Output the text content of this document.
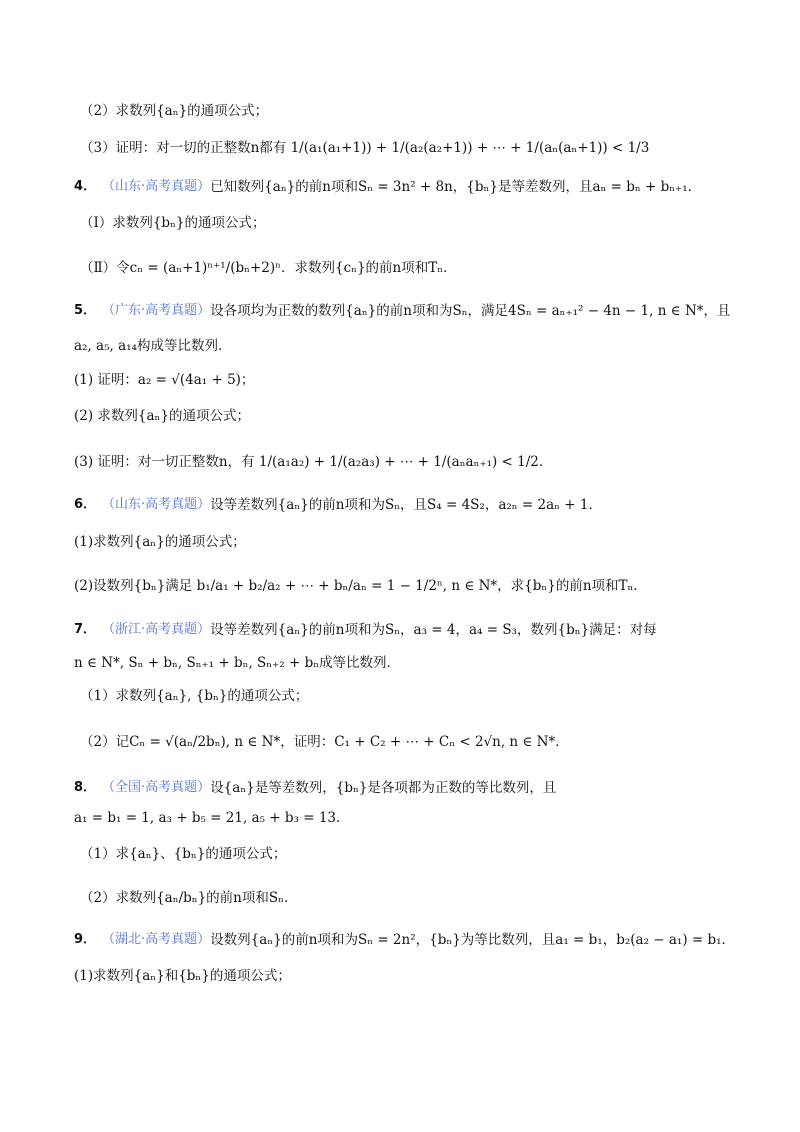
（2）求数列{aₙ}的通项公式；
（3）证明：对一切的正整数n都有 1/(a₁(a₁+1)) + 1/(a₂(a₂+1)) + ⋯ + 1/(aₙ(aₙ+1)) < 1/3
4． （山东·高考真题） 已知数列{aₙ}的前n项和Sₙ = 3n² + 8n，{bₙ}是等差数列，且aₙ = bₙ + bₙ₊₁．
（Ⅰ）求数列{bₙ}的通项公式；
（Ⅱ）令cₙ = (aₙ+1)ⁿ⁺¹/(bₙ+2)ⁿ．求数列{cₙ}的前n项和Tₙ．
5． （广东·高考真题） 设各项均为正数的数列{aₙ}的前n项和为Sₙ，满足4Sₙ = aₙ₊₁² − 4n − 1, n ∈ N*，且
a₂, a₅, a₁₄构成等比数列．
(1) 证明：a₂ = √(4a₁ + 5)；
(2) 求数列{aₙ}的通项公式；
(3) 证明：对一切正整数n，有 1/(a₁a₂) + 1/(a₂a₃) + ⋯ + 1/(aₙaₙ₊₁) < 1/2．
6． （山东·高考真题） 设等差数列{aₙ}的前n项和为Sₙ，且S₄ = 4S₂，a₂ₙ = 2aₙ + 1．
(1)求数列{aₙ}的通项公式；
(2)设数列{bₙ}满足 b₁/a₁ + b₂/a₂ + ⋯ + bₙ/aₙ = 1 − 1/2ⁿ, n ∈ N*，求{bₙ}的前n项和Tₙ．
7． （浙江·高考真题） 设等差数列{aₙ}的前n项和为Sₙ，a₃ = 4，a₄ = S₃，数列{bₙ}满足：对每
n ∈ N*, Sₙ + bₙ, Sₙ₊₁ + bₙ, Sₙ₊₂ + bₙ成等比数列．
（1）求数列{aₙ}, {bₙ}的通项公式；
（2）记Cₙ = √(aₙ/2bₙ), n ∈ N*，证明：C₁ + C₂ + ⋯ + Cₙ < 2√n, n ∈ N*．
8． （全国·高考真题） 设{aₙ}是等差数列，{bₙ}是各项都为正数的等比数列，且
a₁ = b₁ = 1, a₃ + b₅ = 21, a₅ + b₃ = 13．
（1）求{aₙ}、{bₙ}的通项公式；
（2）求数列{aₙ/bₙ}的前n项和Sₙ．
9． （湖北·高考真题） 设数列{aₙ}的前n项和为Sₙ = 2n²，{bₙ}为等比数列，且a₁ = b₁，b₂(a₂ − a₁) = b₁．
(1)求数列{aₙ}和{bₙ}的通项公式；
